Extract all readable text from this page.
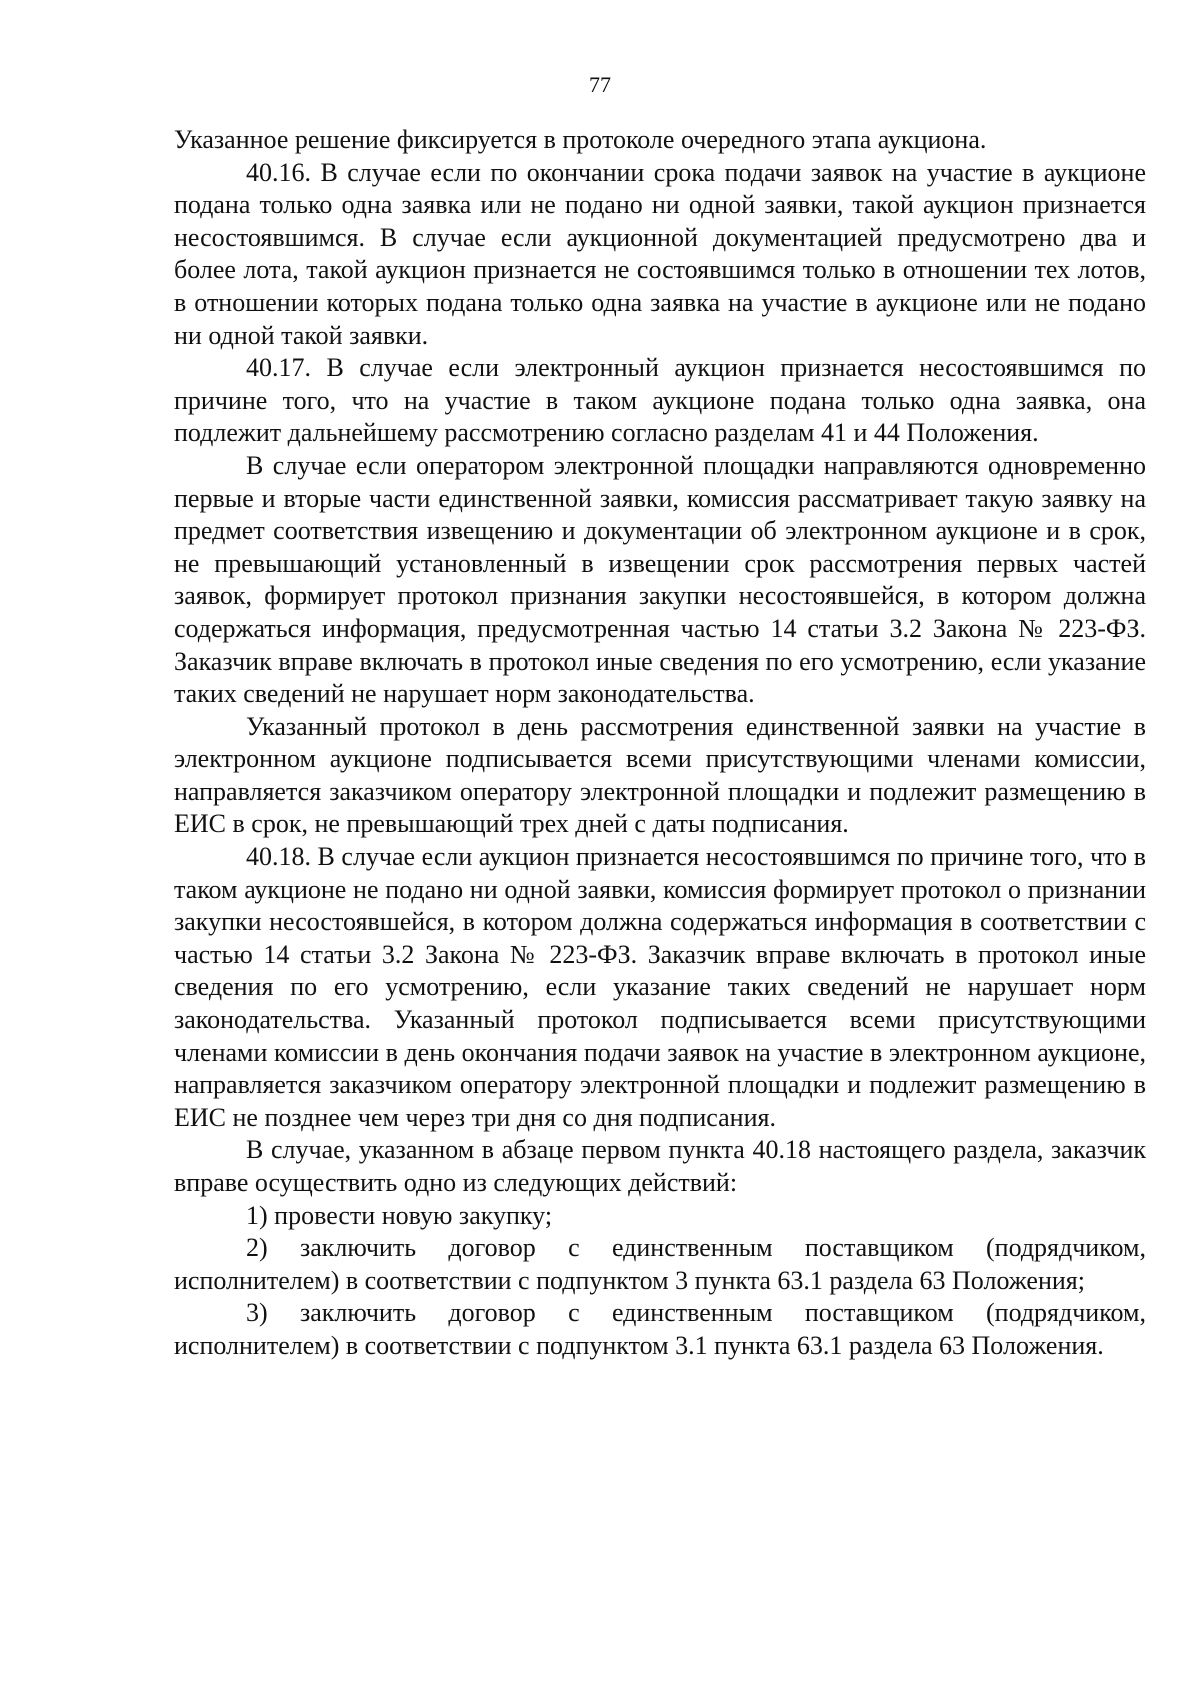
77

Указанное решение фиксируется в протоколе очередного этапа аукциона.

40.16. В случае если по окончании срока подачи заявок на участие в аукционе подана только одна заявка или не подано ни одной заявки, такой аукцион признается несостоявшимся. В случае если аукционной документацией предусмотрено два и более лота, такой аукцион признается не состоявшимся только в отношении тех лотов, в отношении которых подана только одна заявка на участие в аукционе или не подано ни одной такой заявки.

40.17. В случае если электронный аукцион признается несостоявшимся по причине того, что на участие в таком аукционе подана только одна заявка, она подлежит дальнейшему рассмотрению согласно разделам 41 и 44 Положения.

В случае если оператором электронной площадки направляются одновременно первые и вторые части единственной заявки, комиссия рассматривает такую заявку на предмет соответствия извещению и документации об электронном аукционе и в срок, не превышающий установленный в извещении срок рассмотрения первых частей заявок, формирует протокол признания закупки несостоявшейся, в котором должна содержаться информация, предусмотренная частью 14 статьи 3.2 Закона № 223-ФЗ. Заказчик вправе включать в протокол иные сведения по его усмотрению, если указание таких сведений не нарушает норм законодательства.

Указанный протокол в день рассмотрения единственной заявки на участие в электронном аукционе подписывается всеми присутствующими членами комиссии, направляется заказчиком оператору электронной площадки и подлежит размещению в ЕИС в срок, не превышающий трех дней с даты подписания.

40.18. В случае если аукцион признается несостоявшимся по причине того, что в таком аукционе не подано ни одной заявки, комиссия формирует протокол о признании закупки несостоявшейся, в котором должна содержаться информация в соответствии с частью 14 статьи 3.2 Закона № 223-ФЗ. Заказчик вправе включать в протокол иные сведения по его усмотрению, если указание таких сведений не нарушает норм законодательства. Указанный протокол подписывается всеми присутствующими членами комиссии в день окончания подачи заявок на участие в электронном аукционе, направляется заказчиком оператору электронной площадки и подлежит размещению в ЕИС не позднее чем через три дня со дня подписания.

В случае, указанном в абзаце первом пункта 40.18 настоящего раздела, заказчик вправе осуществить одно из следующих действий:

1) провести новую закупку;

2) заключить договор с единственным поставщиком (подрядчиком, исполнителем) в соответствии с подпунктом 3 пункта 63.1 раздела 63 Положения;

3) заключить договор с единственным поставщиком (подрядчиком, исполнителем) в соответствии с подпунктом 3.1 пункта 63.1 раздела 63 Положения.
